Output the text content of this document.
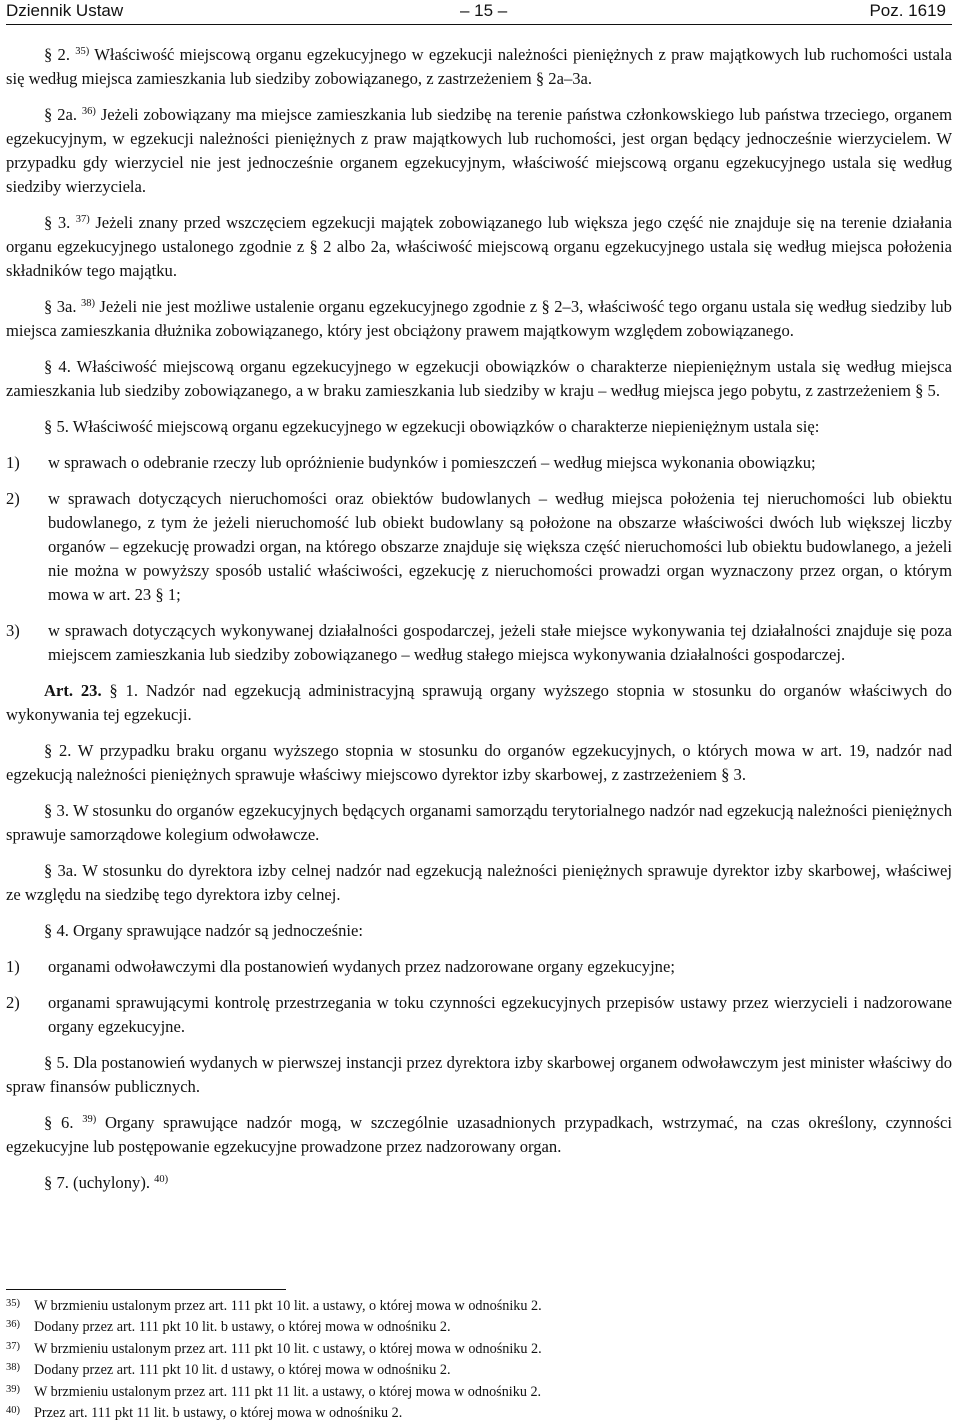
Dziennik Ustaw	– 15 –	Poz. 1619

§ 2. $^{35)}$ Właściwość miejscową organu egzekucyjnego w egzekucji należności pieniężnych z praw majątkowych lub ruchomości ustala się według miejsca zamieszkania lub siedziby zobowiązanego, z zastrzeżeniem § 2a–3a.

§ 2a. $^{36)}$ Jeżeli zobowiązany ma miejsce zamieszkania lub siedzibę na terenie państwa członkowskiego lub państwa trzeciego, organem egzekucyjnym, w egzekucji należności pieniężnych z praw majątkowych lub ruchomości, jest organ będący jednocześnie wierzycielem. W przypadku gdy wierzyciel nie jest jednocześnie organem egzekucyjnym, właściwość miejscową organu egzekucyjnego ustala się według siedziby wierzyciela.

§ 3. $^{37)}$ Jeżeli znany przed wszczęciem egzekucji majątek zobowiązanego lub większa jego część nie znajduje się na terenie działania organu egzekucyjnego ustalonego zgodnie z § 2 albo 2a, właściwość miejscową organu egzekucyjnego ustala się według miejsca położenia składników tego majątku.

§ 3a. $^{38)}$ Jeżeli nie jest możliwe ustalenie organu egzekucyjnego zgodnie z § 2–3, właściwość tego organu ustala się według siedziby lub miejsca zamieszkania dłużnika zobowiązanego, który jest obciążony prawem majątkowym względem zobowiązanego.

§ 4. Właściwość miejscową organu egzekucyjnego w egzekucji obowiązków o charakterze niepieniężnym ustala się według miejsca zamieszkania lub siedziby zobowiązanego, a w braku zamieszkania lub siedziby w kraju – według miejsca jego pobytu, z zastrzeżeniem § 5.

§ 5. Właściwość miejscową organu egzekucyjnego w egzekucji obowiązków o charakterze niepieniężnym ustala się:

1)	w sprawach o odebranie rzeczy lub opróżnienie budynków i pomieszczeń – według miejsca wykonania obowiązku;
2)	w sprawach dotyczących nieruchomości oraz obiektów budowlanych – według miejsca położenia tej nieruchomości lub obiektu budowlanego, z tym że jeżeli nieruchomość lub obiekt budowlany są położone na obszarze właściwości dwóch lub większej liczby organów – egzekucję prowadzi organ, na którego obszarze znajduje się większa część nieruchomości lub obiektu budowlanego, a jeżeli nie można w powyższy sposób ustalić właściwości, egzekucję z nieruchomości prowadzi organ wyznaczony przez organ, o którym mowa w art. 23 § 1;
3)	w sprawach dotyczących wykonywanej działalności gospodarczej, jeżeli stałe miejsce wykonywania tej działalności znajduje się poza miejscem zamieszkania lub siedziby zobowiązanego – według stałego miejsca wykonywania działalności gospodarczej.

Art. 23. § 1. Nadzór nad egzekucją administracyjną sprawują organy wyższego stopnia w stosunku do organów właściwych do wykonywania tej egzekucji.

§ 2. W przypadku braku organu wyższego stopnia w stosunku do organów egzekucyjnych, o których mowa w art. 19, nadzór nad egzekucją należności pieniężnych sprawuje właściwy miejscowo dyrektor izby skarbowej, z zastrzeżeniem § 3.

§ 3. W stosunku do organów egzekucyjnych będących organami samorządu terytorialnego nadzór nad egzekucją należności pieniężnych sprawuje samorządowe kolegium odwoławcze.

§ 3a. W stosunku do dyrektora izby celnej nadzór nad egzekucją należności pieniężnych sprawuje dyrektor izby skarbowej, właściwej ze względu na siedzibę tego dyrektora izby celnej.

§ 4. Organy sprawujące nadzór są jednocześnie:

1)	organami odwoławczymi dla postanowień wydanych przez nadzorowane organy egzekucyjne;
2)	organami sprawującymi kontrolę przestrzegania w toku czynności egzekucyjnych przepisów ustawy przez wierzycieli i nadzorowane organy egzekucyjne.

§ 5. Dla postanowień wydanych w pierwszej instancji przez dyrektora izby skarbowej organem odwoławczym jest minister właściwy do spraw finansów publicznych.

§ 6. $^{39)}$ Organy sprawujące nadzór mogą, w szczególnie uzasadnionych przypadkach, wstrzymać, na czas określony, czynności egzekucyjne lub postępowanie egzekucyjne prowadzone przez nadzorowany organ.

§ 7. (uchylony). $^{40)}$

35) W brzmieniu ustalonym przez art. 111 pkt 10 lit. a ustawy, o której mowa w odnośniku 2.
36) Dodany przez art. 111 pkt 10 lit. b ustawy, o której mowa w odnośniku 2.
37) W brzmieniu ustalonym przez art. 111 pkt 10 lit. c ustawy, o której mowa w odnośniku 2.
38) Dodany przez art. 111 pkt 10 lit. d ustawy, o której mowa w odnośniku 2.
39) W brzmieniu ustalonym przez art. 111 pkt 11 lit. a ustawy, o której mowa w odnośniku 2.
40) Przez art. 111 pkt 11 lit. b ustawy, o której mowa w odnośniku 2.
